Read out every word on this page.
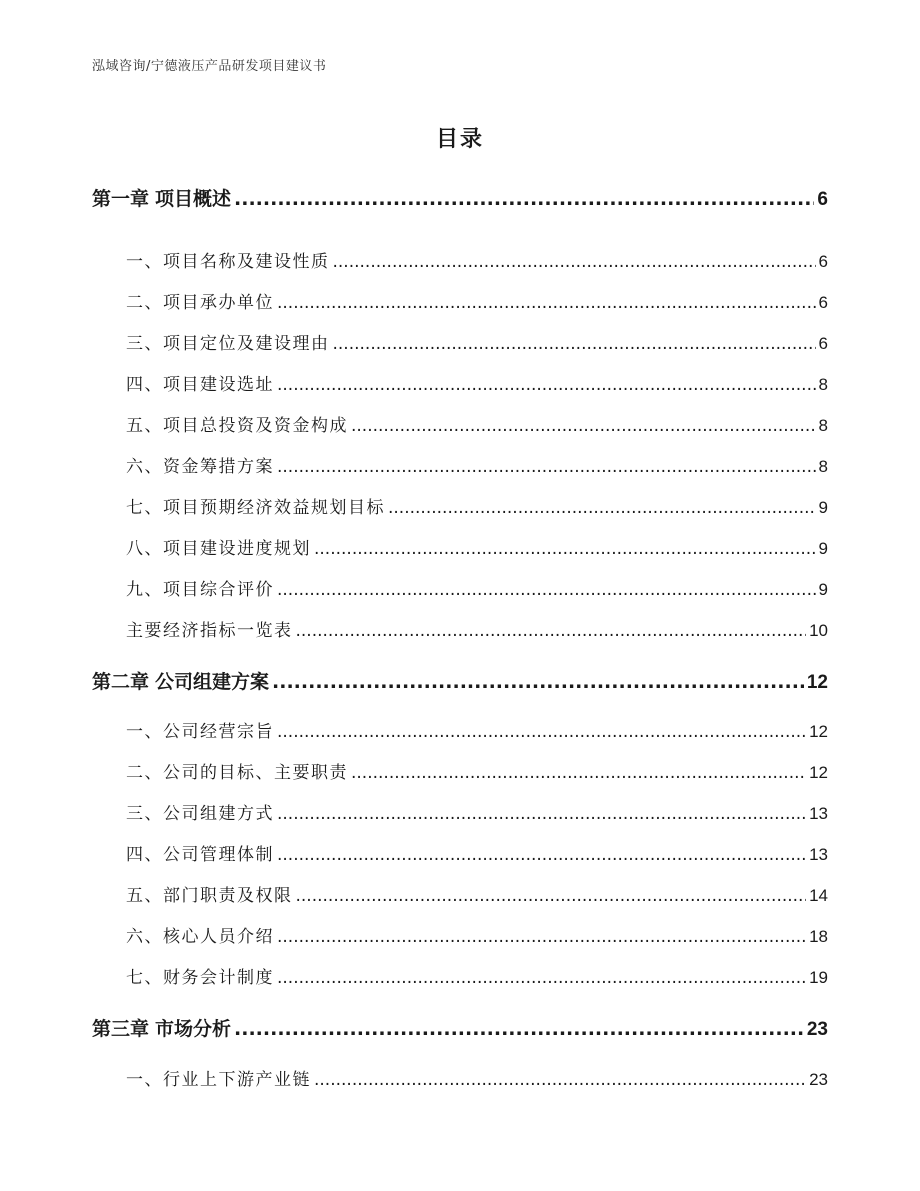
泓域咨询/宁德液压产品研发项目建议书
目录
第一章 项目概述 .....	6
一、 项目名称及建设性质 .....	6
二、 项目承办单位 .....	6
三、 项目定位及建设理由 .....	6
四、 项目建设选址 .....	8
五、 项目总投资及资金构成 .....	8
六、 资金筹措方案 .....	8
七、 项目预期经济效益规划目标 .....	9
八、 项目建设进度规划 .....	9
九、 项目综合评价 .....	9
主要经济指标一览表 .....	10
第二章 公司组建方案 .....	12
一、 公司经营宗旨 .....	12
二、 公司的目标、主要职责 .....	12
三、 公司组建方式 .....	13
四、 公司管理体制 .....	13
五、 部门职责及权限 .....	14
六、 核心人员介绍 .....	18
七、 财务会计制度 .....	19
第三章 市场分析 .....	23
一、 行业上下游产业链 .....	23
